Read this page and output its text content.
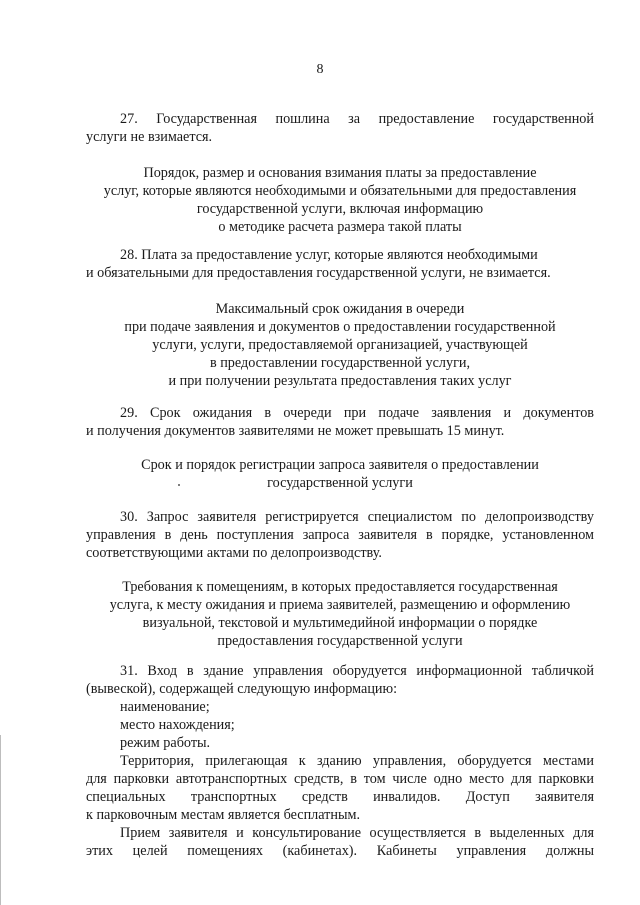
8

27. Государственная пошлина за предоставление государственной

услуги не взимается.

Порядок, размер и основания взимания платы за предоставление

услуг, которые являются необходимыми и обязательными для предоставления

государственной услуги, включая информацию

о методике расчета размера такой платы

28. Плата за предоставление услуг, которые являются необходимыми

и обязательными для предоставления государственной услуги, не взимается.

Максимальный срок ожидания в очереди

при подаче заявления и документов о предоставлении государственной

услуги, услуги, предоставляемой организацией, участвующей

в предоставлении государственной услуги,

и при получении результата предоставления таких услуг

29. Срок ожидания в очереди при подаче заявления и документов

и получения документов заявителями не может превышать 15 минут.

Срок и порядок регистрации запроса заявителя о предоставлении

государственной услуги

30. Запрос заявителя регистрируется специалистом по делопроизводству

управления в день поступления запроса заявителя в порядке, установленном

соответствующими актами по делопроизводству.

Требования к помещениям, в которых предоставляется государственная

услуга, к месту ожидания и приема заявителей, размещению и оформлению

визуальной, текстовой и мультимедийной информации о порядке

предоставления государственной услуги

31. Вход в здание управления оборудуется информационной табличкой

(вывеской), содержащей следующую информацию:

наименование;

место нахождения;

режим работы.

Территория, прилегающая к зданию управления, оборудуется местами

для парковки автотранспортных средств, в том числе одно место для парковки

специальных транспортных средств инвалидов. Доступ заявителя

к парковочным местам является бесплатным.

Прием заявителя и консультирование осуществляется в выделенных для

этих целей помещениях (кабинетах). Кабинеты управления должны
